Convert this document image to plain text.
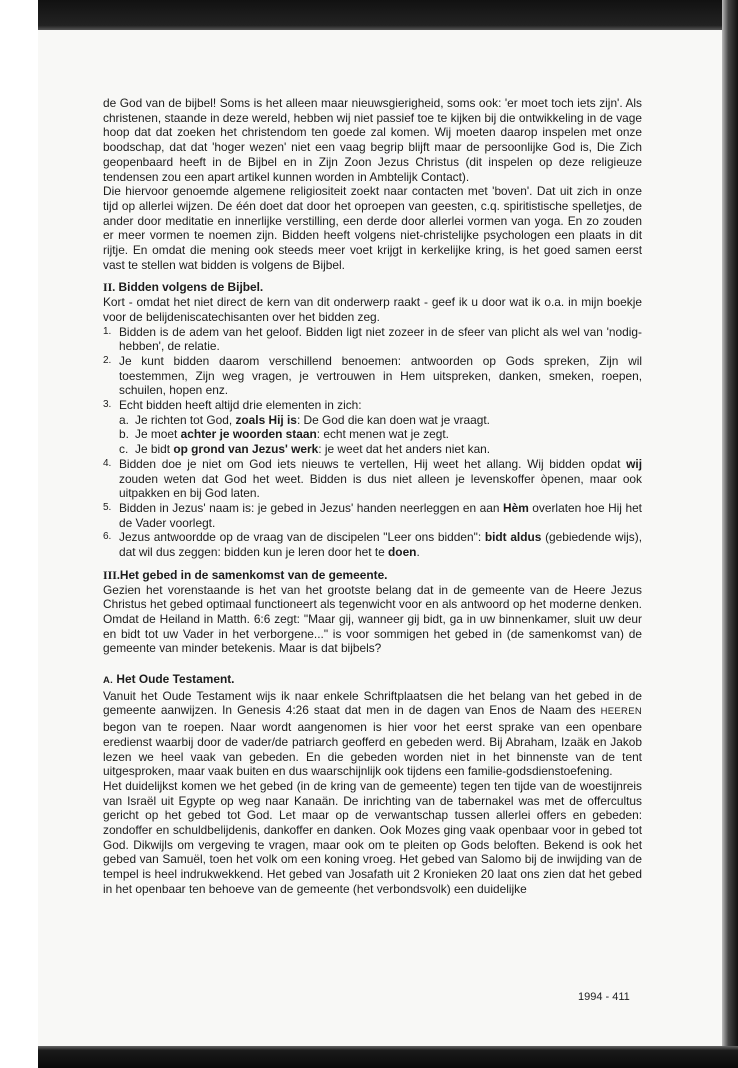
de God van de bijbel! Soms is het alleen maar nieuwsgierigheid, soms ook: 'er moet toch iets zijn'. Als christenen, staande in deze wereld, hebben wij niet passief toe te kijken bij die ontwikkeling in de vage hoop dat dat zoeken het christendom ten goede zal komen. Wij moeten daarop inspelen met onze boodschap, dat dat 'hoger wezen' niet een vaag begrip blijft maar de persoonlijke God is, Die Zich geopenbaard heeft in de Bijbel en in Zijn Zoon Jezus Christus (dit inspelen op deze religieuze tendensen zou een apart artikel kunnen worden in Ambtelijk Contact).

Die hiervoor genoemde algemene religiositeit zoekt naar contacten met 'boven'. Dat uit zich in onze tijd op allerlei wijzen. De één doet dat door het oproepen van geesten, c.q. spiritistische spelletjes, de ander door meditatie en innerlijke verstilling, een derde door allerlei vormen van yoga. En zo zouden er meer vormen te noemen zijn. Bidden heeft volgens niet-christelijke psychologen een plaats in dit rijtje. En omdat die mening ook steeds meer voet krijgt in kerkelijke kring, is het goed samen eerst vast te stellen wat bidden is volgens de Bijbel.

II. Bidden volgens de Bijbel.

Kort - omdat het niet direct de kern van dit onderwerp raakt - geef ik u door wat ik o.a. in mijn boekje voor de belijdeniscatechisanten over het bidden zeg.

1. Bidden is de adem van het geloof. Bidden ligt niet zozeer in de sfeer van plicht als wel van 'nodig-hebben', de relatie.
2. Je kunt bidden daarom verschillend benoemen: antwoorden op Gods spreken, Zijn wil toestemmen, Zijn weg vragen, je vertrouwen in Hem uitspreken, danken, smeken, roepen, schuilen, hopen enz.
3. Echt bidden heeft altijd drie elementen in zich:
a. Je richten tot God, zoals Hij is: De God die kan doen wat je vraagt.
b. Je moet achter je woorden staan: echt menen wat je zegt.
c. Je bidt op grond van Jezus' werk: je weet dat het anders niet kan.
4. Bidden doe je niet om God iets nieuws te vertellen, Hij weet het allang. Wij bidden opdat wij zouden weten dat God het weet. Bidden is dus niet alleen je levenskoffer òpenen, maar ook uitpakken en bij God laten.
5. Bidden in Jezus' naam is: je gebed in Jezus' handen neerleggen en aan Hèm overlaten hoe Hij het de Vader voorlegt.
6. Jezus antwoordde op de vraag van de discipelen "Leer ons bidden": bidt aldus (gebiedende wijs), dat wil dus zeggen: bidden kun je leren door het te doen.

III.Het gebed in de samenkomst van de gemeente.

Gezien het vorenstaande is het van het grootste belang dat in de gemeente van de Heere Jezus Christus het gebed optimaal functioneert als tegenwicht voor en als antwoord op het moderne denken. Omdat de Heiland in Matth. 6:6 zegt: "Maar gij, wanneer gij bidt, ga in uw binnenkamer, sluit uw deur en bidt tot uw Vader in het verborgene..." is voor sommigen het gebed in (de samenkomst van) de gemeente van minder betekenis. Maar is dat bijbels?

A. Het Oude Testament.

Vanuit het Oude Testament wijs ik naar enkele Schriftplaatsen die het belang van het gebed in de gemeente aanwijzen. In Genesis 4:26 staat dat men in de dagen van Enos de Naam des HEEREN begon van te roepen. Naar wordt aangenomen is hier voor het eerst sprake van een openbare eredienst waarbij door de vader/de patriarch geofferd en gebeden werd. Bij Abraham, Izaäk en Jakob lezen we heel vaak van gebeden. En die gebeden worden niet in het binnenste van de tent uitgesproken, maar vaak buiten en dus waarschijnlijk ook tijdens een familie-godsdienstoefening.

Het duidelijkst komen we het gebed (in de kring van de gemeente) tegen ten tijde van de woestijnreis van Israël uit Egypte op weg naar Kanaän. De inrichting van de tabernakel was met de offercultus gericht op het gebed tot God. Let maar op de verwantschap tussen allerlei offers en gebeden: zondoffer en schuldbelijdenis, dankoffer en danken. Ook Mozes ging vaak openbaar voor in gebed tot God. Dikwijls om vergeving te vragen, maar ook om te pleiten op Gods beloften. Bekend is ook het gebed van Samuël, toen het volk om een koning vroeg. Het gebed van Salomo bij de inwijding van de tempel is heel indrukwekkend. Het gebed van Josafath uit 2 Kronieken 20 laat ons zien dat het gebed in het openbaar ten behoeve van de gemeente (het verbondsvolk) een duidelijke

1994 - 411
